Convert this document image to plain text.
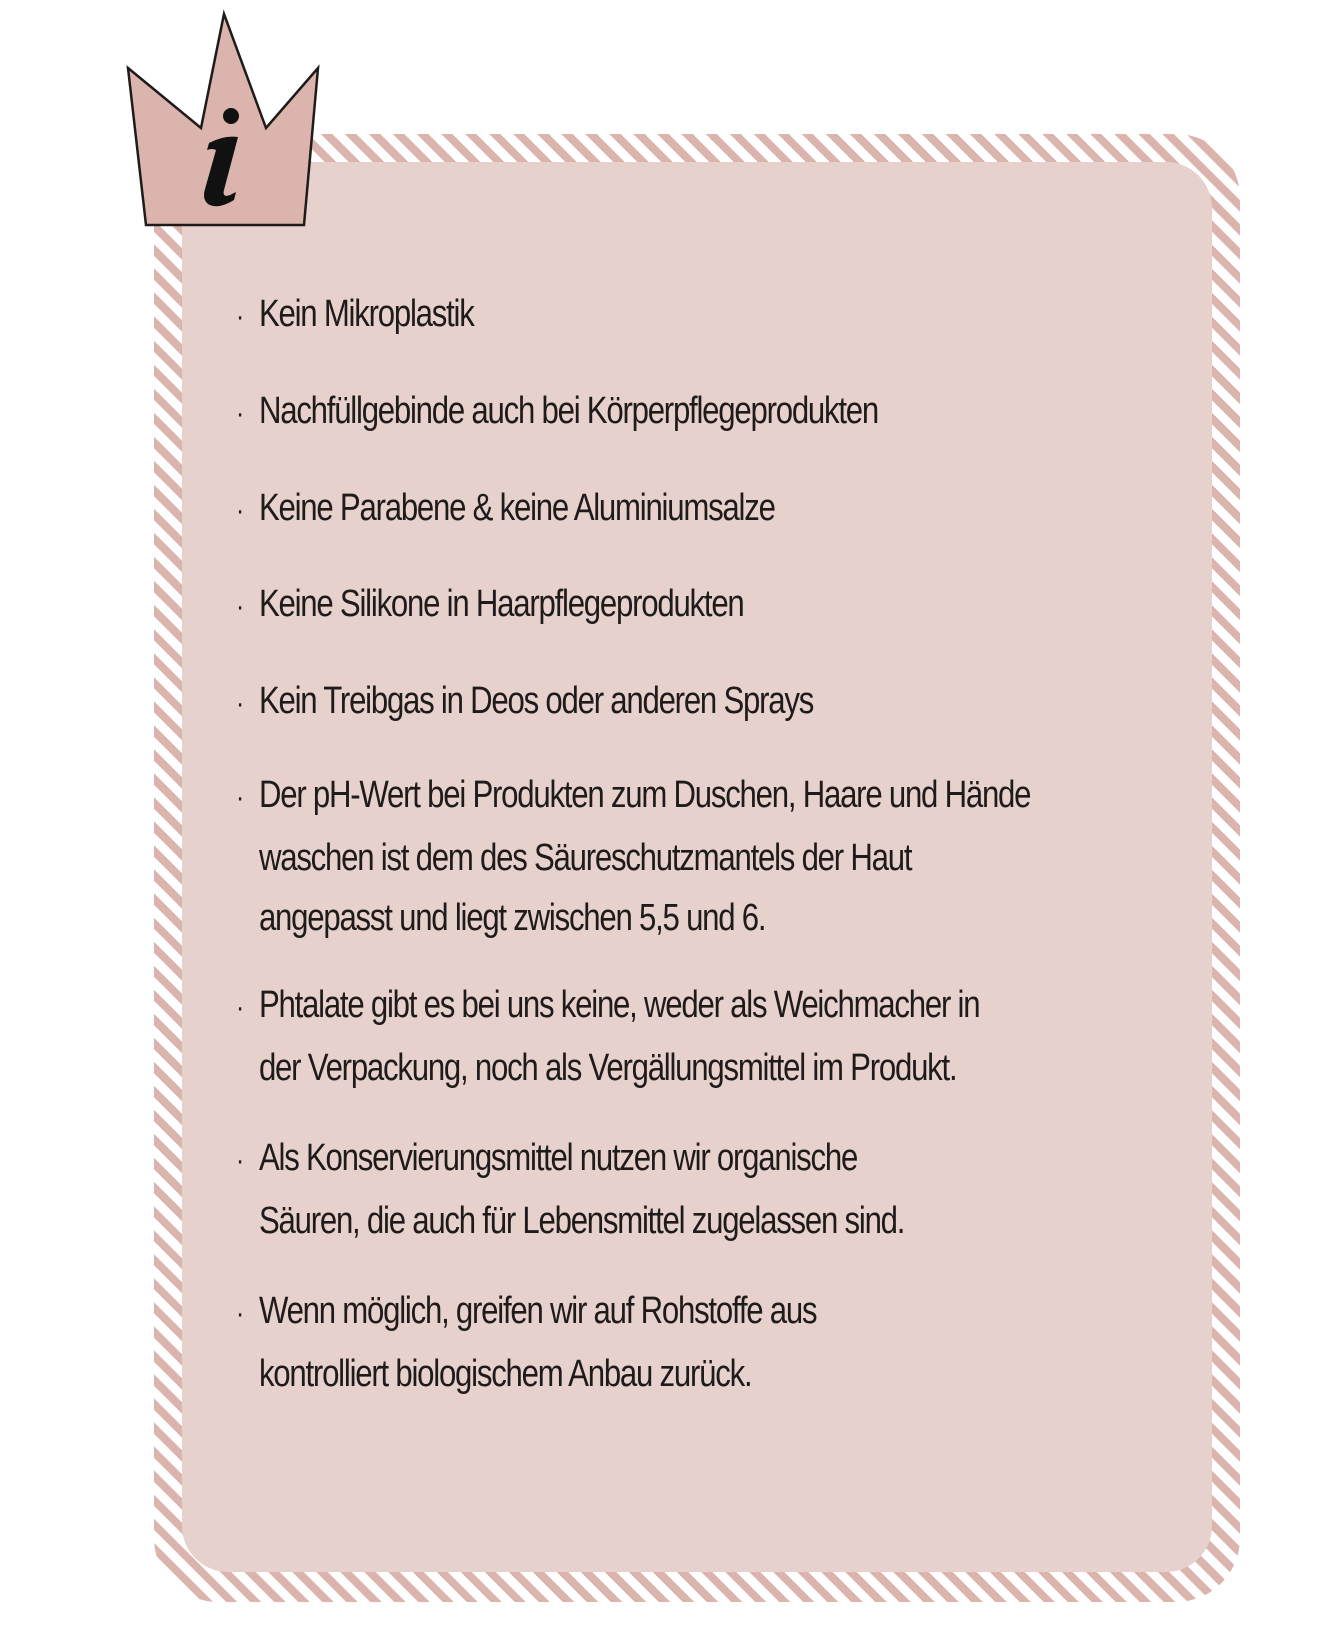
i
· Kein Mikroplastik
· Nachfüllgebinde auch bei Körperpflegeprodukten
· Keine Parabene & keine Aluminiumsalze
· Keine Silikone in Haarpflegeprodukten
· Kein Treibgas in Deos oder anderen Sprays
· Der pH-Wert bei Produkten zum Duschen, Haare und Hände
waschen ist dem des Säureschutzmantels der Haut
angepasst und liegt zwischen 5,5 und 6.
· Phtalate gibt es bei uns keine, weder als Weichmacher in
der Verpackung, noch als Vergällungsmittel im Produkt.
· Als Konservierungsmittel nutzen wir organische
Säuren, die auch für Lebensmittel zugelassen sind.
· Wenn möglich, greifen wir auf Rohstoffe aus
kontrolliert biologischem Anbau zurück.
